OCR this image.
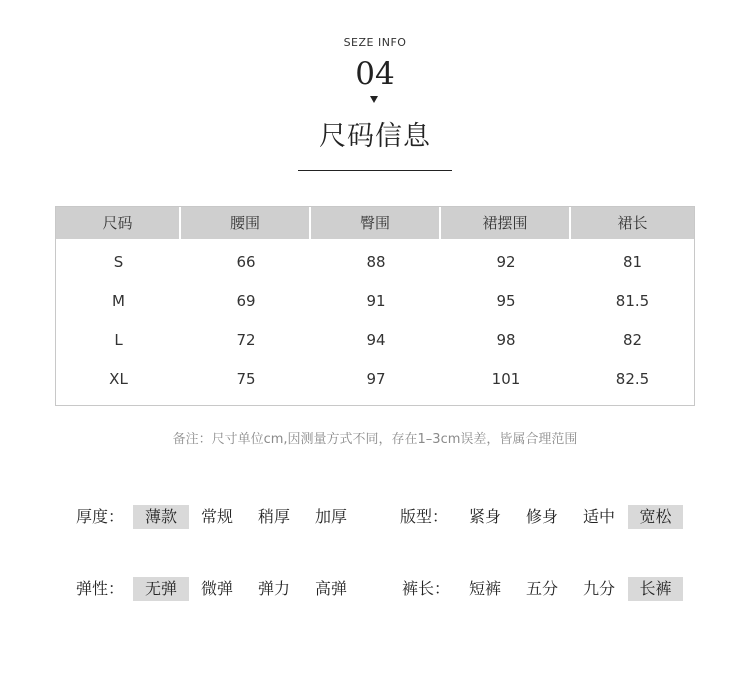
SEZE INFO
04
尺码信息
尺码	腰围	臀围	裙摆围	裙长
S	66	88	92	81
M	69	91	95	81.5
L	72	94	98	82
XL	75	97	101	82.5
备注：尺寸单位cm,因测量方式不同，存在1–3cm误差，皆属合理范围
厚度：	薄款	常规 稍厚 加厚	版型： 紧身 修身 适中	宽松
弹性：	无弹	微弹 弹力 高弹	裤长： 短裤 五分 九分	长裤
